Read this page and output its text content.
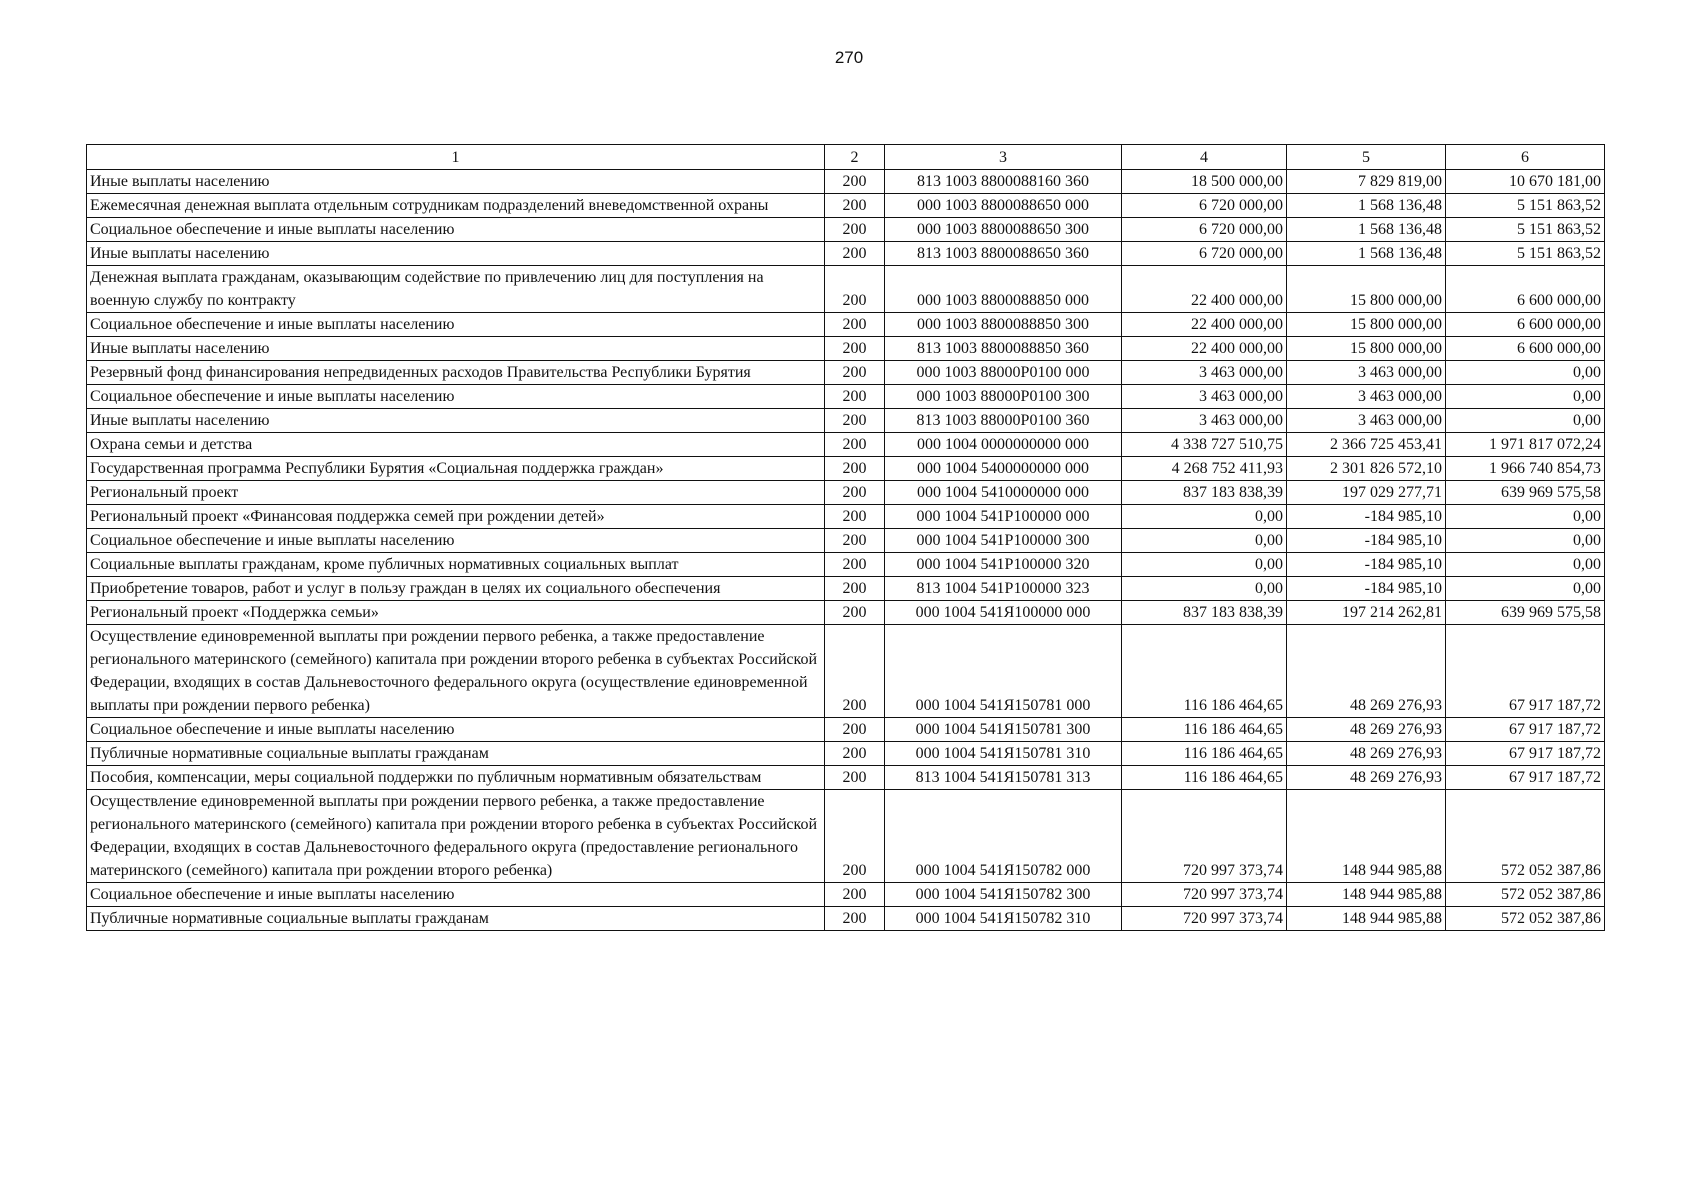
270
1	2	3	4	5	6
Иные выплаты населению	200	813 1003 8800088160 360	18 500 000,00	7 829 819,00	10 670 181,00
Ежемесячная денежная выплата отдельным сотрудникам подразделений вневедомственной охраны	200	000 1003 8800088650 000	6 720 000,00	1 568 136,48	5 151 863,52
Социальное обеспечение и иные выплаты населению	200	000 1003 8800088650 300	6 720 000,00	1 568 136,48	5 151 863,52
Иные выплаты населению	200	813 1003 8800088650 360	6 720 000,00	1 568 136,48	5 151 863,52
Денежная выплата гражданам, оказывающим содействие по привлечению лиц для поступления на военную службу по контракту	200	000 1003 8800088850 000	22 400 000,00	15 800 000,00	6 600 000,00
Социальное обеспечение и иные выплаты населению	200	000 1003 8800088850 300	22 400 000,00	15 800 000,00	6 600 000,00
Иные выплаты населению	200	813 1003 8800088850 360	22 400 000,00	15 800 000,00	6 600 000,00
Резервный фонд финансирования непредвиденных расходов Правительства Республики Бурятия	200	000 1003 88000P0100 000	3 463 000,00	3 463 000,00	0,00
Социальное обеспечение и иные выплаты населению	200	000 1003 88000P0100 300	3 463 000,00	3 463 000,00	0,00
Иные выплаты населению	200	813 1003 88000P0100 360	3 463 000,00	3 463 000,00	0,00
Охрана семьи и детства	200	000 1004 0000000000 000	4 338 727 510,75	2 366 725 453,41	1 971 817 072,24
Государственная программа Республики Бурятия «Социальная поддержка граждан»	200	000 1004 5400000000 000	4 268 752 411,93	2 301 826 572,10	1 966 740 854,73
Региональный проект	200	000 1004 5410000000 000	837 183 838,39	197 029 277,71	639 969 575,58
Региональный проект «Финансовая поддержка семей при рождении детей»	200	000 1004 541P100000 000	0,00	-184 985,10	0,00
Социальное обеспечение и иные выплаты населению	200	000 1004 541P100000 300	0,00	-184 985,10	0,00
Социальные выплаты гражданам, кроме публичных нормативных социальных выплат	200	000 1004 541P100000 320	0,00	-184 985,10	0,00
Приобретение товаров, работ и услуг в пользу граждан в целях их социального обеспечения	200	813 1004 541P100000 323	0,00	-184 985,10	0,00
Региональный проект «Поддержка семьи»	200	000 1004 541Я100000 000	837 183 838,39	197 214 262,81	639 969 575,58
Осуществление единовременной выплаты при рождении первого ребенка, а также предоставление регионального материнского (семейного) капитала при рождении второго ребенка в субъектах Российской Федерации, входящих в состав Дальневосточного федерального округа (осуществление единовременной выплаты при рождении первого ребенка)	200	000 1004 541Я150781 000	116 186 464,65	48 269 276,93	67 917 187,72
Социальное обеспечение и иные выплаты населению	200	000 1004 541Я150781 300	116 186 464,65	48 269 276,93	67 917 187,72
Публичные нормативные социальные выплаты гражданам	200	000 1004 541Я150781 310	116 186 464,65	48 269 276,93	67 917 187,72
Пособия, компенсации, меры социальной поддержки по публичным нормативным обязательствам	200	813 1004 541Я150781 313	116 186 464,65	48 269 276,93	67 917 187,72
Осуществление единовременной выплаты при рождении первого ребенка, а также предоставление регионального материнского (семейного) капитала при рождении второго ребенка в субъектах Российской Федерации, входящих в состав Дальневосточного федерального округа (предоставление регионального материнского (семейного) капитала при рождении второго ребенка)	200	000 1004 541Я150782 000	720 997 373,74	148 944 985,88	572 052 387,86
Социальное обеспечение и иные выплаты населению	200	000 1004 541Я150782 300	720 997 373,74	148 944 985,88	572 052 387,86
Публичные нормативные социальные выплаты гражданам	200	000 1004 541Я150782 310	720 997 373,74	148 944 985,88	572 052 387,86
